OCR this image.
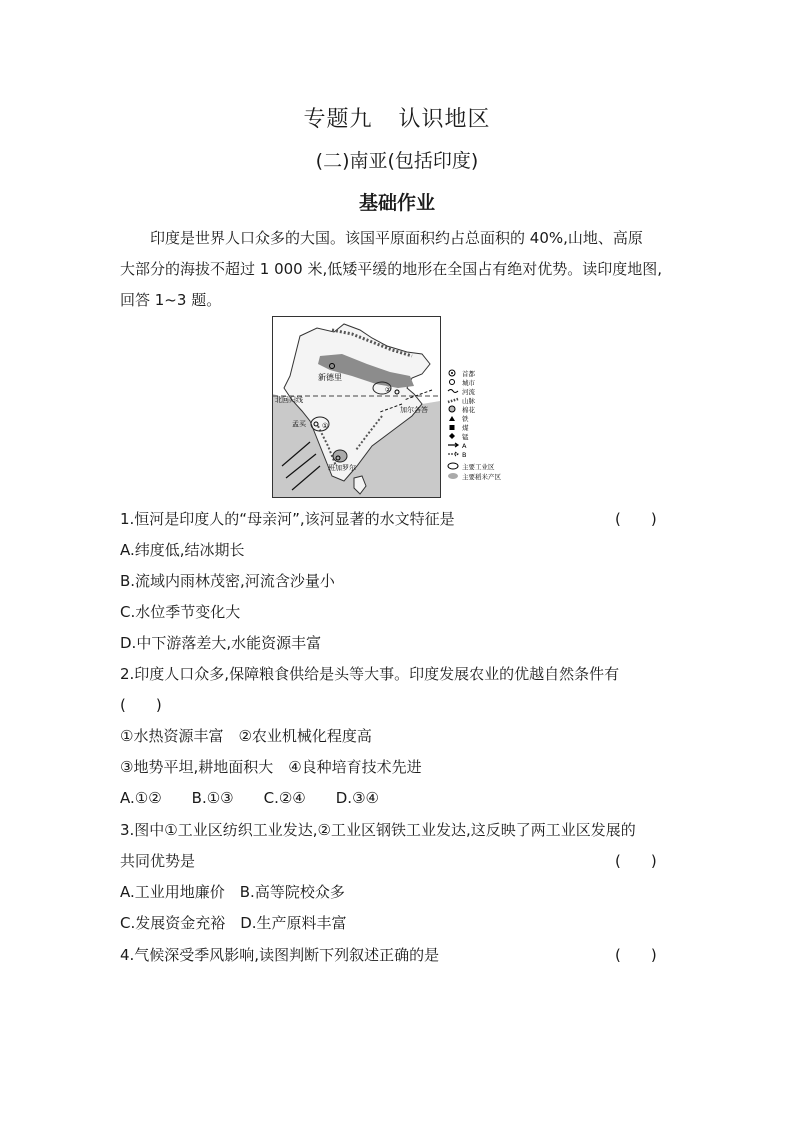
专题九 认识地区
(二)南亚(包括印度)
基础作业
印度是世界人口众多的大国。该国平原面积约占总面积的 40%,山地、高原
大部分的海拔不超过 1 000 米,低矮平缓的地形在全国占有绝对优势。读印度地图,
回答 1~3 题。
新德里
北回归线
孟买
加尔各答
班加罗尔
①
②
首都
城市
河流
山脉
棉花
铁
煤
锰
A
B
主要工业区
主要稻米产区
1.恒河是印度人的“母亲河”,该河显著的水文特征是	(　　)
A.纬度低,结冰期长
B.流域内雨林茂密,河流含沙量小
C.水位季节变化大
D.中下游落差大,水能资源丰富
2.印度人口众多,保障粮食供给是头等大事。印度发展农业的优越自然条件有
(　　)
①水热资源丰富　②农业机械化程度高
③地势平坦,耕地面积大　④良种培育技术先进
A.①②　　B.①③　　C.②④　　D.③④
3.图中①工业区纺织工业发达,②工业区钢铁工业发达,这反映了两工业区发展的
共同优势是	(　　)
A.工业用地廉价　B.高等院校众多
C.发展资金充裕　D.生产原料丰富
4.气候深受季风影响,读图判断下列叙述正确的是	(　　)
